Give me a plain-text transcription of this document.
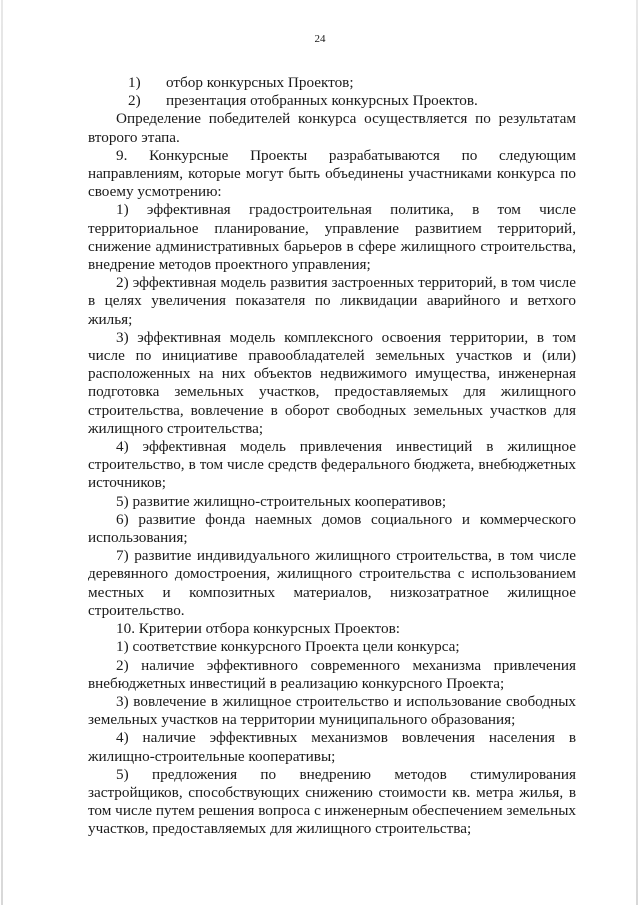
24
1)	отбор конкурсных Проектов;
2)	презентация отобранных конкурсных Проектов.

Определение победителей конкурса осуществляется по результатам второго этапа.

9. Конкурсные Проекты разрабатываются по следующим направлениям, которые могут быть объединены участниками конкурса по своему усмотрению:

1) эффективная градостроительная политика, в том числе территориальное планирование, управление развитием территорий, снижение административных барьеров в сфере жилищного строительства, внедрение методов проектного управления;

2) эффективная модель развития застроенных территорий, в том числе в целях увеличения показателя по ликвидации аварийного и ветхого жилья;

3) эффективная модель комплексного освоения территории, в том числе по инициативе правообладателей земельных участков и (или) расположенных на них объектов недвижимого имущества, инженерная подготовка земельных участков, предоставляемых для жилищного строительства, вовлечение в оборот свободных земельных участков для жилищного строительства;

4) эффективная модель привлечения инвестиций в жилищное строительство, в том числе средств федерального бюджета, внебюджетных источников;

5) развитие жилищно-строительных кооперативов;

6) развитие фонда наемных домов социального и коммерческого использования;

7) развитие индивидуального жилищного строительства, в том числе деревянного домостроения, жилищного строительства с использованием местных и композитных материалов, низкозатратное жилищное строительство.

10. Критерии отбора конкурсных Проектов:

1) соответствие конкурсного Проекта цели конкурса;

2) наличие эффективного современного механизма привлечения внебюджетных инвестиций в реализацию конкурсного Проекта;

3) вовлечение в жилищное строительство и использование свободных земельных участков на территории муниципального образования;

4) наличие эффективных механизмов вовлечения населения в жилищно-строительные кооперативы;

5) предложения по внедрению методов стимулирования застройщиков, способствующих снижению стоимости кв. метра жилья, в том числе путем решения вопроса с инженерным обеспечением земельных участков, предоставляемых для жилищного строительства;
